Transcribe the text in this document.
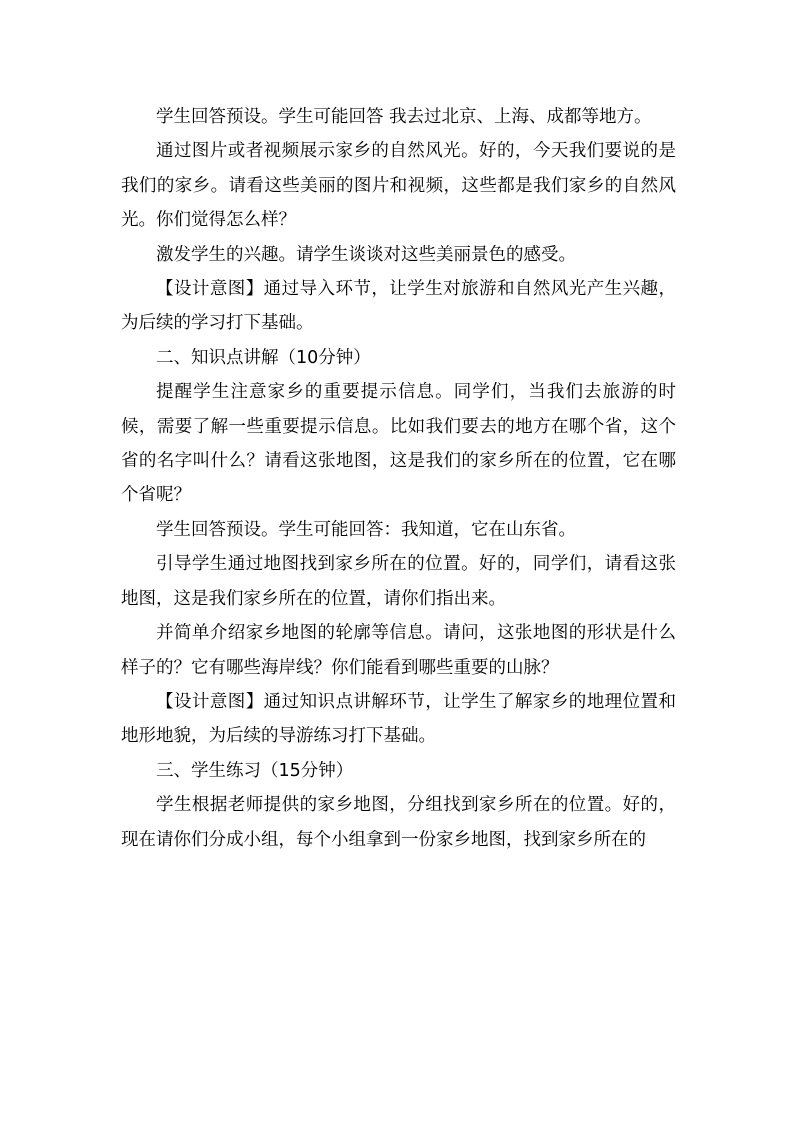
学生回答预设。学生可能回答 我去过北京、上海、成都等地方。

通过图片或者视频展示家乡的自然风光。好的，今天我们要说的是我们的家乡。请看这些美丽的图片和视频，这些都是我们家乡的自然风光。你们觉得怎么样？

激发学生的兴趣。请学生谈谈对这些美丽景色的感受。

【设计意图】通过导入环节，让学生对旅游和自然风光产生兴趣，为后续的学习打下基础。

二、知识点讲解（10分钟）

提醒学生注意家乡的重要提示信息。同学们，当我们去旅游的时候，需要了解一些重要提示信息。比如我们要去的地方在哪个省，这个省的名字叫什么？请看这张地图，这是我们的家乡所在的位置，它在哪个省呢？

学生回答预设。学生可能回答：我知道，它在山东省。

引导学生通过地图找到家乡所在的位置。好的，同学们，请看这张地图，这是我们家乡所在的位置，请你们指出来。

并简单介绍家乡地图的轮廓等信息。请问，这张地图的形状是什么样子的？它有哪些海岸线？你们能看到哪些重要的山脉？

【设计意图】通过知识点讲解环节，让学生了解家乡的地理位置和地形地貌，为后续的导游练习打下基础。

三、学生练习（15分钟）

学生根据老师提供的家乡地图，分组找到家乡所在的位置。好的，现在请你们分成小组，每个小组拿到一份家乡地图，找到家乡所在的
